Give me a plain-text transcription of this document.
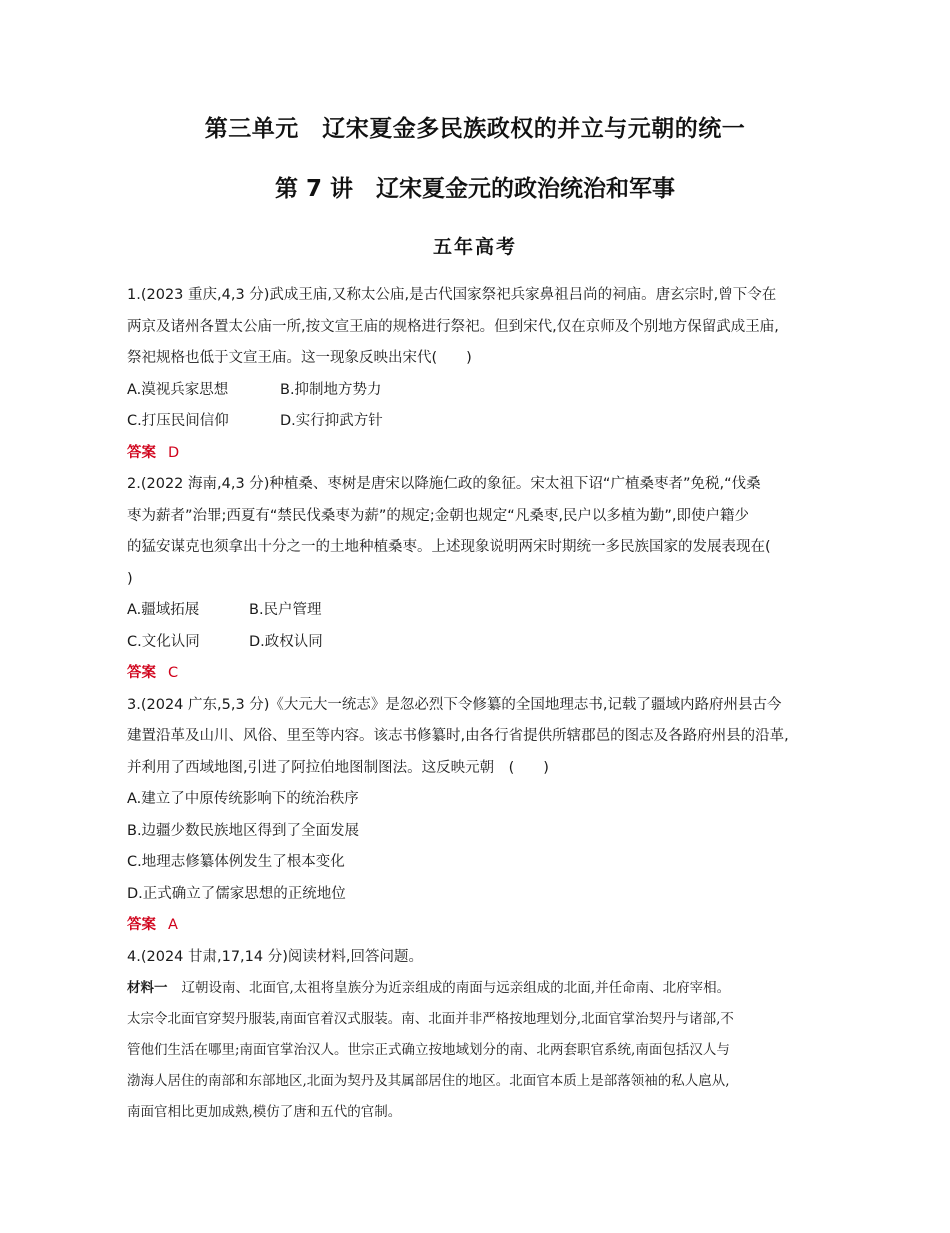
第三单元　辽宋夏金多民族政权的并立与元朝的统一
第 7 讲　辽宋夏金元的政治统治和军事
五年高考
1.(2023 重庆,4,3 分)武成王庙,又称太公庙,是古代国家祭祀兵家鼻祖吕尚的祠庙。唐玄宗时,曾下令在
两京及诸州各置太公庙一所,按文宣王庙的规格进行祭祀。但到宋代,仅在京师及个别地方保留武成王庙,
祭祀规格也低于文宣王庙。这一现象反映出宋代(　　)
A.漠视兵家思想	B.抑制地方势力
C.打压民间信仰	D.实行抑武方针
答案 D
2.(2022 海南,4,3 分)种植桑、枣树是唐宋以降施仁政的象征。宋太祖下诏“广植桑枣者”免税,“伐桑
枣为薪者”治罪;西夏有“禁民伐桑枣为薪”的规定;金朝也规定“凡桑枣,民户以多植为勤”,即使户籍少
的猛安谋克也须拿出十分之一的土地种植桑枣。上述现象说明两宋时期统一多民族国家的发展表现在(
)
A.疆域拓展	B.民户管理
C.文化认同	D.政权认同
答案 C
3.(2024 广东,5,3 分)《大元大一统志》是忽必烈下令修纂的全国地理志书,记载了疆域内路府州县古今
建置沿革及山川、风俗、里至等内容。该志书修纂时,由各行省提供所辖郡邑的图志及各路府州县的沿革,
并利用了西域地图,引进了阿拉伯地图制图法。这反映元朝　(　　)
A.建立了中原传统影响下的统治秩序
B.边疆少数民族地区得到了全面发展
C.地理志修纂体例发生了根本变化
D.正式确立了儒家思想的正统地位
答案 A
4.(2024 甘肃,17,14 分)阅读材料,回答问题。
材料一 辽朝设南、北面官,太祖将皇族分为近亲组成的南面与远亲组成的北面,并任命南、北府宰相。
太宗令北面官穿契丹服装,南面官着汉式服装。南、北面并非严格按地理划分,北面官掌治契丹与诸部,不
管他们生活在哪里;南面官掌治汉人。世宗正式确立按地域划分的南、北两套职官系统,南面包括汉人与
渤海人居住的南部和东部地区,北面为契丹及其属部居住的地区。北面官本质上是部落领袖的私人扈从,
南面官相比更加成熟,模仿了唐和五代的官制。
